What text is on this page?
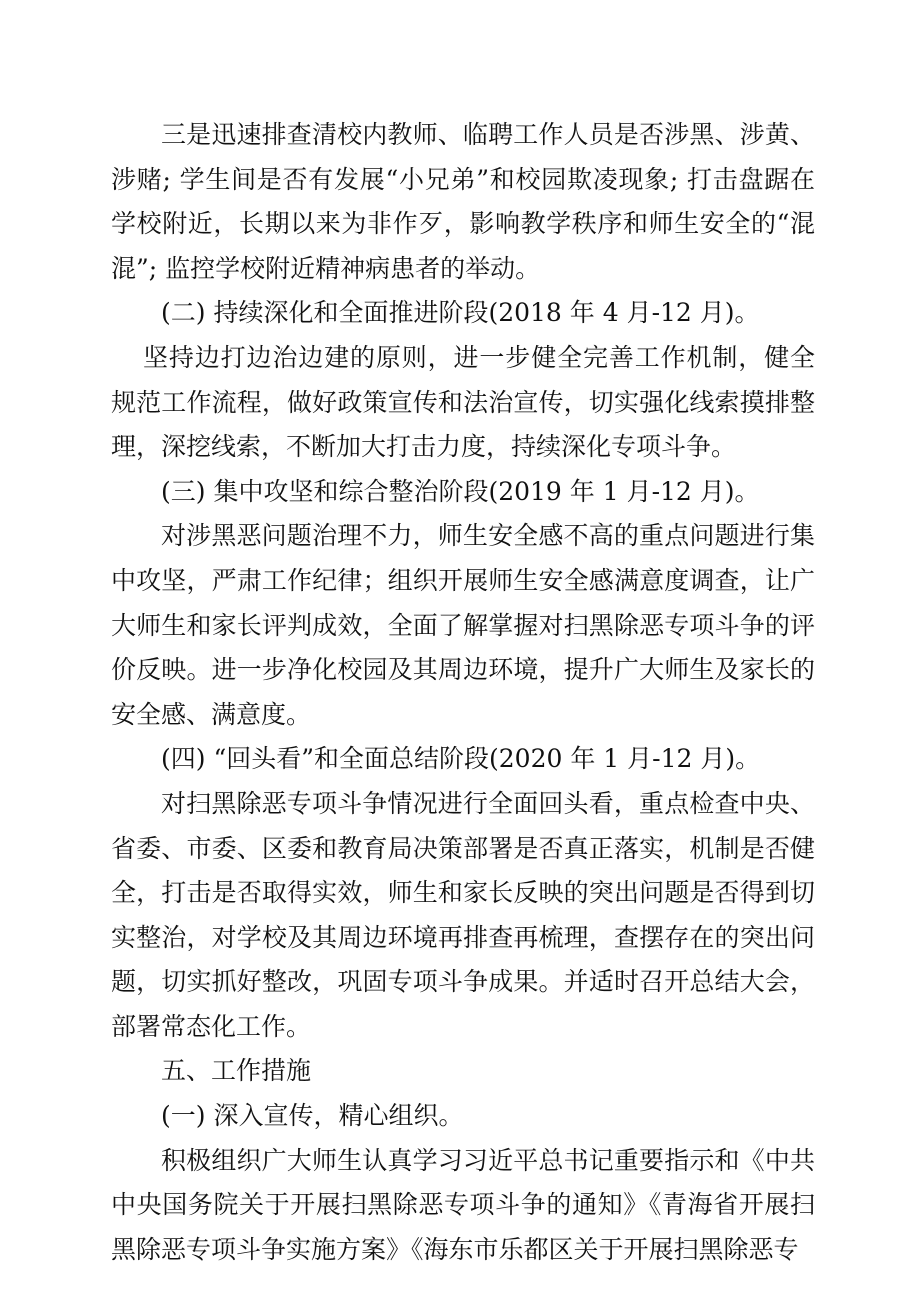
三是迅速排查清校内教师、临聘工作人员是否涉黑、涉黄、涉赌; 学生间是否有发展“小兄弟”和校园欺凌现象; 打击盘踞在学校附近，长期以来为非作歹，影响教学秩序和师生安全的“混混”; 监控学校附近精神病患者的举动。

(二) 持续深化和全面推进阶段(2018 年 4 月-12 月)。

坚持边打边治边建的原则，进一步健全完善工作机制，健全规范工作流程，做好政策宣传和法治宣传，切实强化线索摸排整理，深挖线索，不断加大打击力度，持续深化专项斗争。

(三) 集中攻坚和综合整治阶段(2019 年 1 月-12 月)。

对涉黑恶问题治理不力，师生安全感不高的重点问题进行集中攻坚，严肃工作纪律；组织开展师生安全感满意度调查，让广大师生和家长评判成效，全面了解掌握对扫黑除恶专项斗争的评价反映。进一步净化校园及其周边环境，提升广大师生及家长的安全感、满意度。

(四) “回头看”和全面总结阶段(2020 年 1 月-12 月)。

对扫黑除恶专项斗争情况进行全面回头看，重点检查中央、省委、市委、区委和教育局决策部署是否真正落实，机制是否健全，打击是否取得实效，师生和家长反映的突出问题是否得到切实整治，对学校及其周边环境再排查再梳理，查摆存在的突出问题，切实抓好整改，巩固专项斗争成果。并适时召开总结大会，部署常态化工作。

五、工作措施

(一) 深入宣传，精心组织。

积极组织广大师生认真学习习近平总书记重要指示和《中共中央国务院关于开展扫黑除恶专项斗争的通知》《青海省开展扫黑除恶专项斗争实施方案》《海东市乐都区关于开展扫黑除恶专
